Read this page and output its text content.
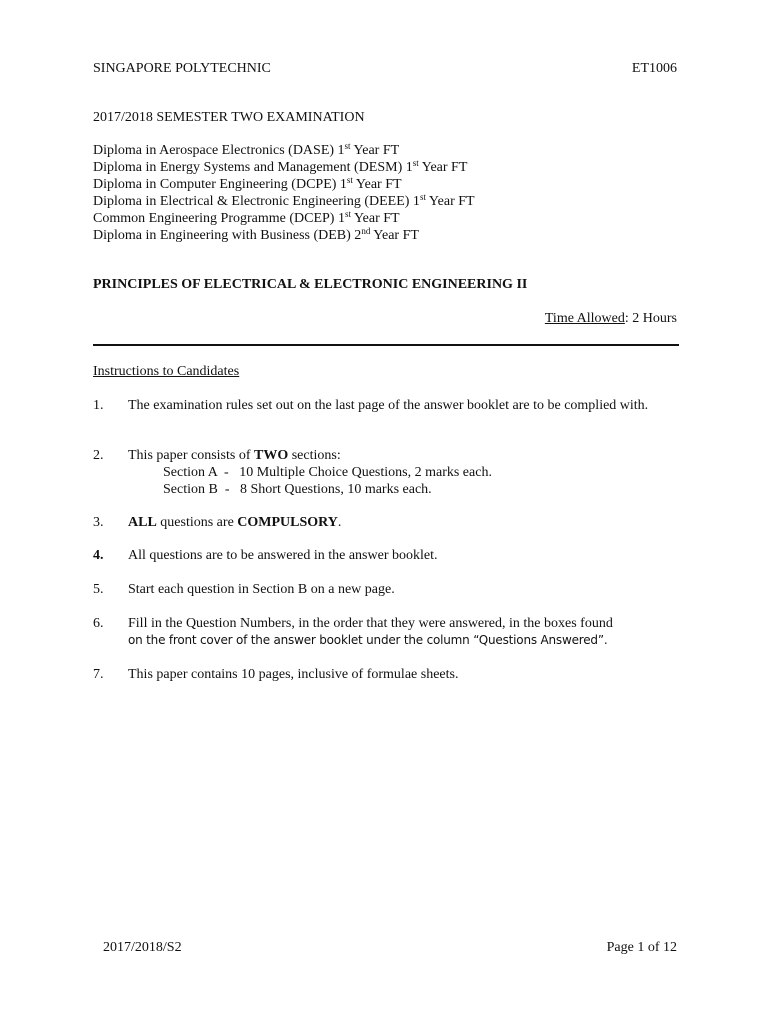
SINGAPORE POLYTECHNIC	ET1006
2017/2018 SEMESTER TWO EXAMINATION
Diploma in Aerospace Electronics (DASE) 1st Year FT
Diploma in Energy Systems and Management (DESM) 1st Year FT
Diploma in Computer Engineering (DCPE) 1st Year FT
Diploma in Electrical & Electronic Engineering (DEEE) 1st Year FT
Common Engineering Programme (DCEP) 1st Year FT
Diploma in Engineering with Business (DEB) 2nd Year FT
PRINCIPLES OF ELECTRICAL & ELECTRONIC ENGINEERING II
Time Allowed: 2 Hours
Instructions to Candidates
1. The examination rules set out on the last page of the answer booklet are to be complied with.
2. This paper consists of TWO sections:
Section A  -   10 Multiple Choice Questions, 2 marks each.
Section B  -   8 Short Questions, 10 marks each.
3. ALL questions are COMPULSORY.
4. All questions are to be answered in the answer booklet.
5. Start each question in Section B on a new page.
6. Fill in the Question Numbers, in the order that they were answered, in the boxes found
on the front cover of the answer booklet under the column “Questions Answered”.
7. This paper contains 10 pages, inclusive of formulae sheets.
2017/2018/S2	Page 1 of 12
